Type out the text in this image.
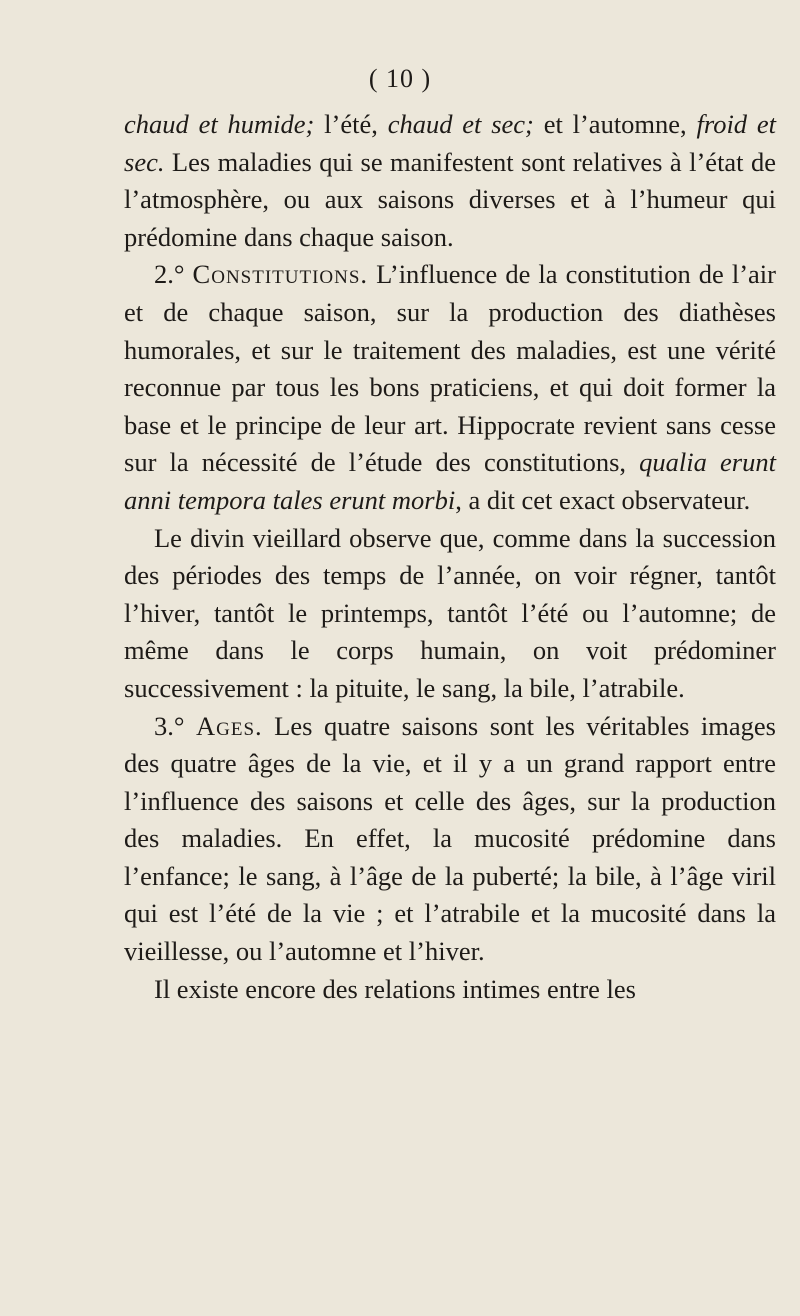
( 10 )

chaud et humide; l’été, chaud et sec; et l’automne, froid et sec. Les maladies qui se manifestent sont relatives à l’état de l’atmosphère, ou aux saisons diverses et à l’humeur qui prédomine dans chaque saison.

2.° Constitutions. L’influence de la constitution de l’air et de chaque saison, sur la production des diathèses humorales, et sur le traitement des maladies, est une vérité reconnue par tous les bons praticiens, et qui doit former la base et le principe de leur art. Hippocrate revient sans cesse sur la nécessité de l’étude des constitutions, qualia erunt anni tempora tales erunt morbi, a dit cet exact observateur.

Le divin vieillard observe que, comme dans la succession des périodes des temps de l’année, on voir régner, tantôt l’hiver, tantôt le printemps, tantôt l’été ou l’automne; de même dans le corps humain, on voit prédominer successivement : la pituite, le sang, la bile, l’atrabile.

3.° Ages. Les quatre saisons sont les véritables images des quatre âges de la vie, et il y a un grand rapport entre l’influence des saisons et celle des âges, sur la production des maladies. En effet, la mucosité prédomine dans l’enfance; le sang, à l’âge de la puberté; la bile, à l’âge viril qui est l’été de la vie ; et l’atrabile et la mucosité dans la vieillesse, ou l’automne et l’hiver.

Il existe encore des relations intimes entre les
